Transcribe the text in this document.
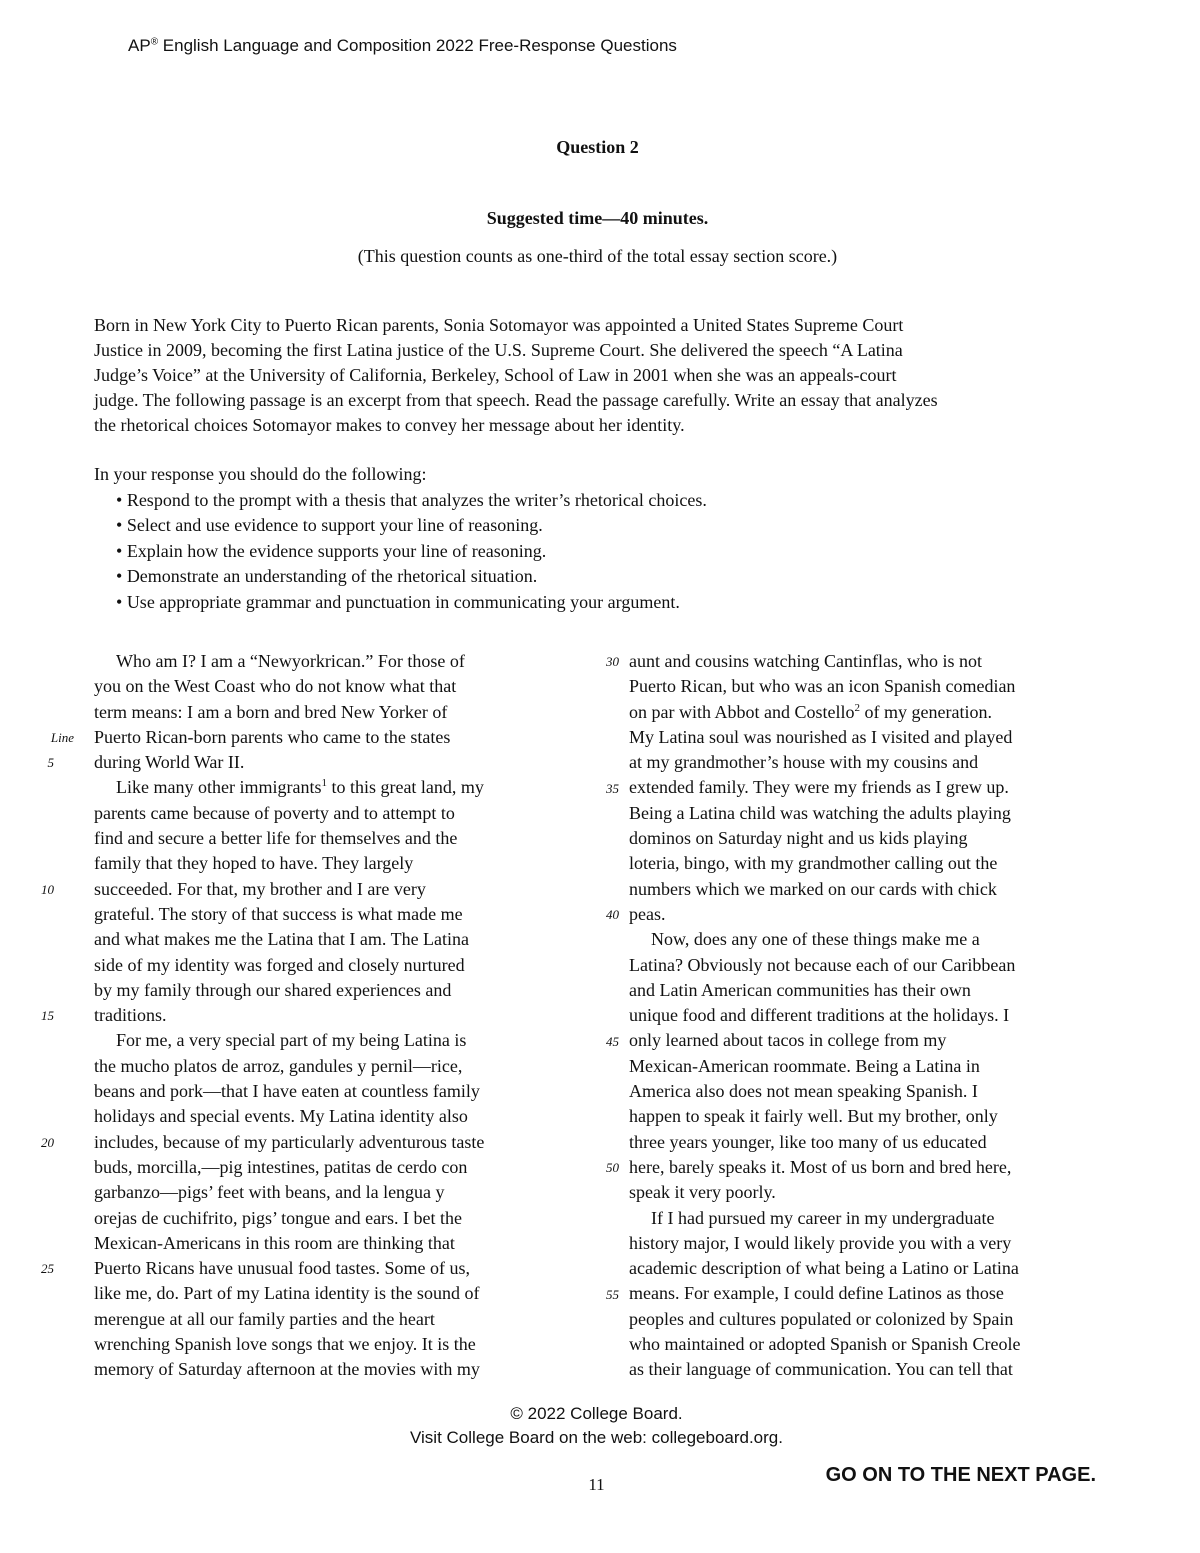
AP® English Language and Composition 2022 Free-Response Questions
Question 2
Suggested time—40 minutes.
(This question counts as one-third of the total essay section score.)

Born in New York City to Puerto Rican parents, Sonia Sotomayor was appointed a United States Supreme Court

Justice in 2009, becoming the first Latina justice of the U.S. Supreme Court. She delivered the speech “A Latina

Judge’s Voice” at the University of California, Berkeley, School of Law in 2001 when she was an appeals-court

judge. The following passage is an excerpt from that speech. Read the passage carefully. Write an essay that analyzes

the rhetorical choices Sotomayor makes to convey her message about her identity.

In your response you should do the following:

• Respond to the prompt with a thesis that analyzes the writer’s rhetorical choices.
• Select and use evidence to support your line of reasoning.
• Explain how the evidence supports your line of reasoning.
• Demonstrate an understanding of the rhetorical situation.
• Use appropriate grammar and punctuation in communicating your argument.
Line
5
10
15
20
25
30
35
40
45
50
55
Who am I? I am a “Newyorkrican.” For those of
you on the West Coast who do not know what that
term means: I am a born and bred New Yorker of
Puerto Rican-born parents who came to the states
during World War II.
Like many other immigrants$^1$ to this great land, my
parents came because of poverty and to attempt to
find and secure a better life for themselves and the
family that they hoped to have. They largely
succeeded. For that, my brother and I are very
grateful. The story of that success is what made me
and what makes me the Latina that I am. The Latina
side of my identity was forged and closely nurtured
by my family through our shared experiences and
traditions.
For me, a very special part of my being Latina is
the mucho platos de arroz, gandules y pernil—rice,
beans and pork—that I have eaten at countless family
holidays and special events. My Latina identity also
includes, because of my particularly adventurous taste
buds, morcilla,—pig intestines, patitas de cerdo con
garbanzo—pigs’ feet with beans, and la lengua y
orejas de cuchifrito, pigs’ tongue and ears. I bet the
Mexican-Americans in this room are thinking that
Puerto Ricans have unusual food tastes. Some of us,
like me, do. Part of my Latina identity is the sound of
merengue at all our family parties and the heart
wrenching Spanish love songs that we enjoy. It is the
memory of Saturday afternoon at the movies with my
aunt and cousins watching Cantinflas, who is not
Puerto Rican, but who was an icon Spanish comedian
on par with Abbot and Costello$^2$ of my generation.
My Latina soul was nourished as I visited and played
at my grandmother’s house with my cousins and
extended family. They were my friends as I grew up.
Being a Latina child was watching the adults playing
dominos on Saturday night and us kids playing
loteria, bingo, with my grandmother calling out the
numbers which we marked on our cards with chick
peas.
Now, does any one of these things make me a
Latina? Obviously not because each of our Caribbean
and Latin American communities has their own
unique food and different traditions at the holidays. I
only learned about tacos in college from my
Mexican-American roommate. Being a Latina in
America also does not mean speaking Spanish. I
happen to speak it fairly well. But my brother, only
three years younger, like too many of us educated
here, barely speaks it. Most of us born and bred here,
speak it very poorly.
If I had pursued my career in my undergraduate
history major, I would likely provide you with a very
academic description of what being a Latino or Latina
means. For example, I could define Latinos as those
peoples and cultures populated or colonized by Spain
who maintained or adopted Spanish or Spanish Creole
as their language of communication. You can tell that
© 2022 College Board.
Visit College Board on the web: collegeboard.org.
11	GO ON TO THE NEXT PAGE.
